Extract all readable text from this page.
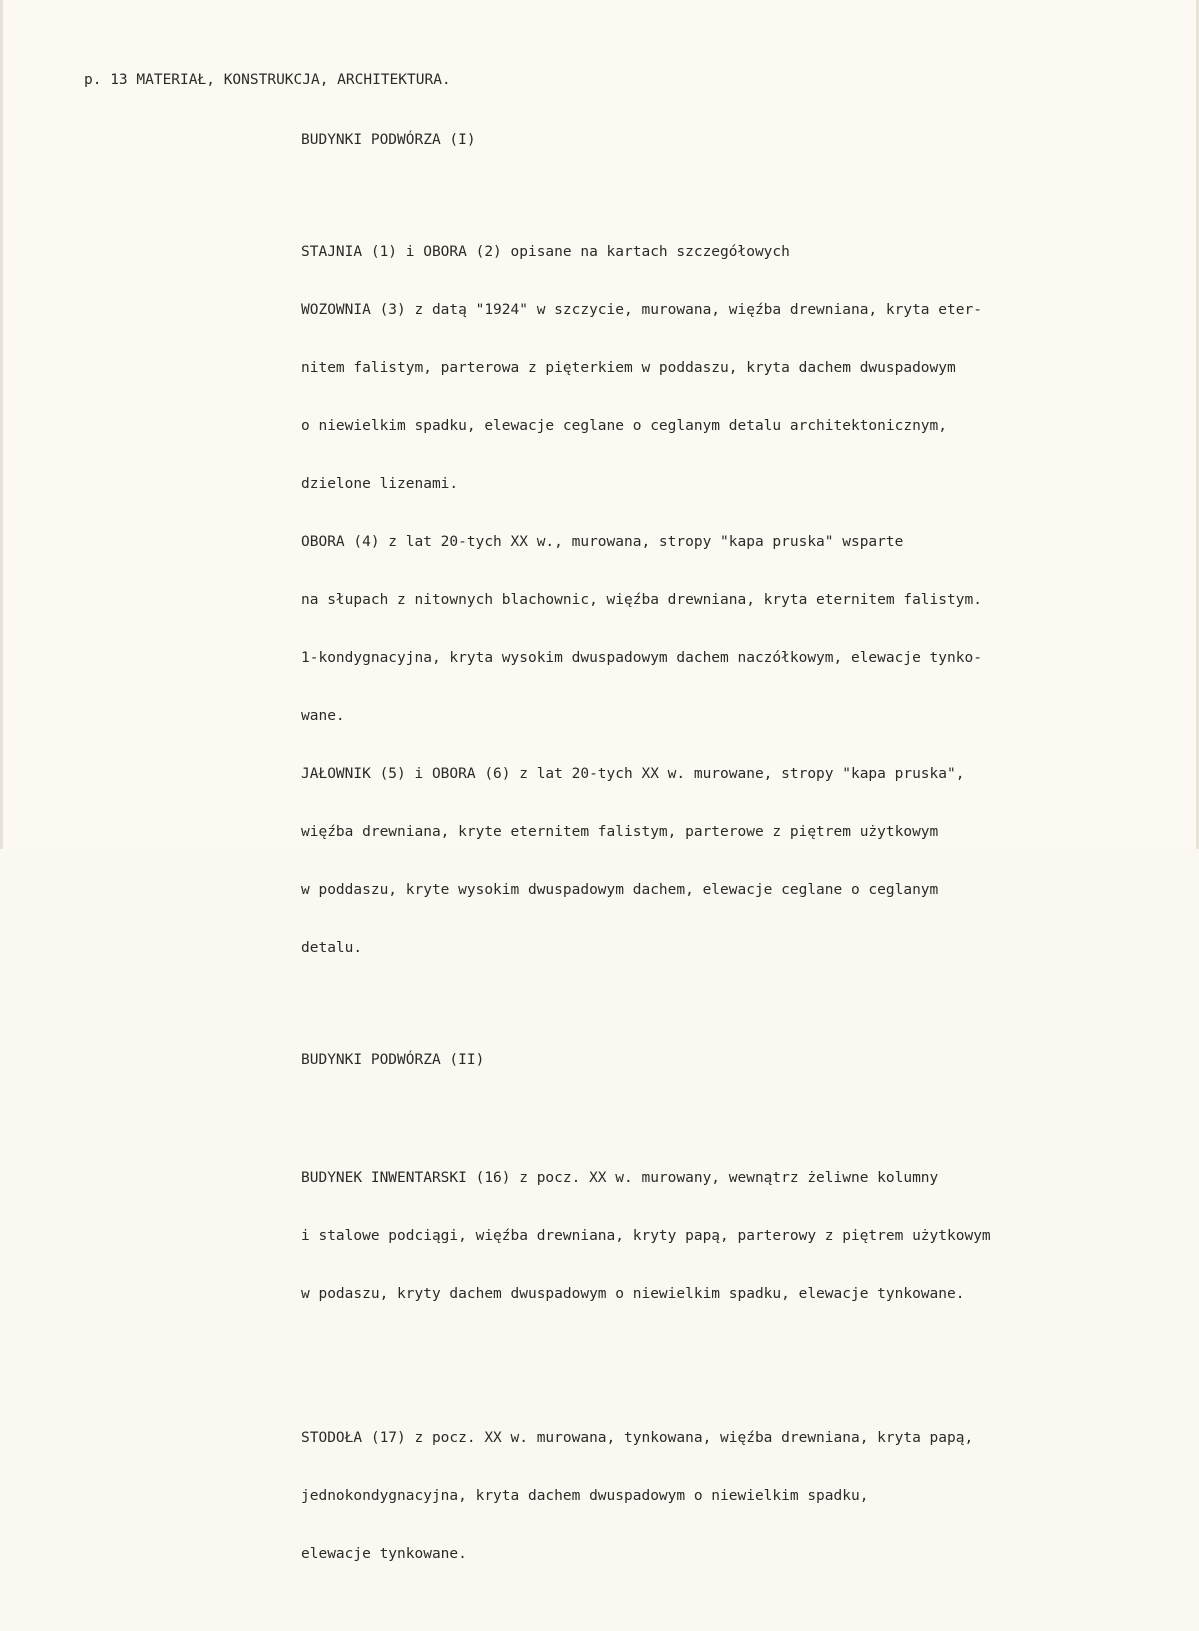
p. 13 MATERIAŁ, KONSTRUKCJA, ARCHITEKTURA.

BUDYNKI PODWÓRZA (I)

STAJNIA (1) i OBORA (2) opisane na kartach szczegółowych

WOZOWNIA (3) z datą "1924" w szczycie, murowana, więźba drewniana, kryta eter-

nitem falistym, parterowa z pięterkiem w poddaszu, kryta dachem dwuspadowym

o niewielkim spadku, elewacje ceglane o ceglanym detalu architektonicznym,

dzielone lizenami.

OBORA (4) z lat 20-tych XX w., murowana, stropy "kapa pruska" wsparte

na słupach z nitownych blachownic, więźba drewniana, kryta eternitem falistym.

1-kondygnacyjna, kryta wysokim dwuspadowym dachem naczółkowym, elewacje tynko-

wane.

JAŁOWNIK (5) i OBORA (6) z lat 20-tych XX w. murowane, stropy "kapa pruska",

więźba drewniana, kryte eternitem falistym, parterowe z piętrem użytkowym

w poddaszu, kryte wysokim dwuspadowym dachem, elewacje ceglane o ceglanym

detalu.

BUDYNKI PODWÓRZA (II)

BUDYNEK INWENTARSKI (16) z pocz. XX w. murowany, wewnątrz żeliwne kolumny

i stalowe podciągi, więźba drewniana, kryty papą, parterowy z piętrem użytkowym

w podaszu, kryty dachem dwuspadowym o niewielkim spadku, elewacje tynkowane.

STODOŁA (17) z pocz. XX w. murowana, tynkowana, więźba drewniana, kryta papą,

jednokondygnacyjna, kryta dachem dwuspadowym o niewielkim spadku,

elewacje tynkowane.
